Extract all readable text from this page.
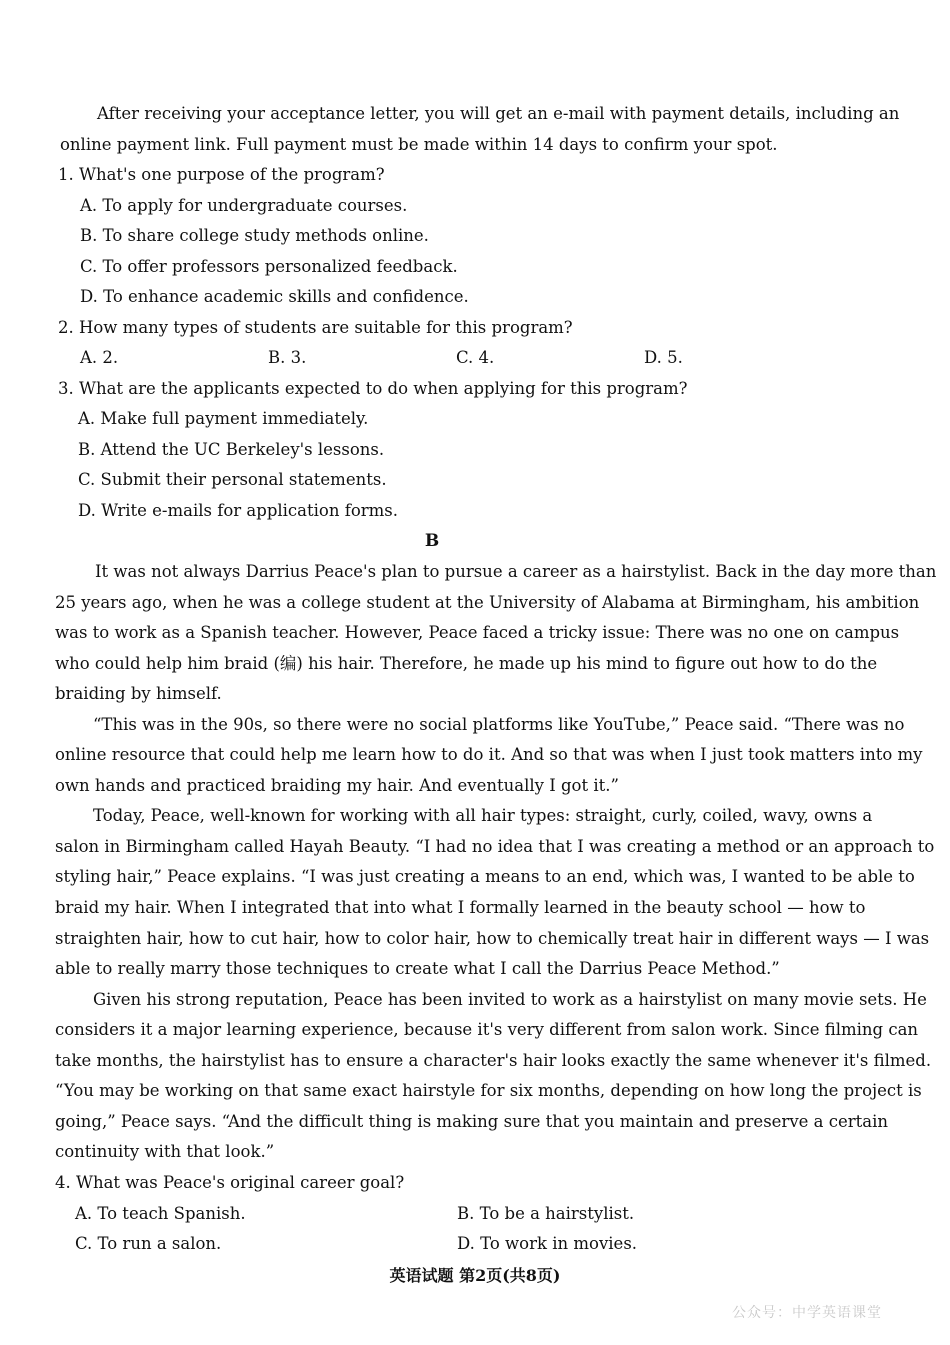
After receiving your acceptance letter, you will get an e-mail with payment details, including an
online payment link. Full payment must be made within 14 days to confirm your spot.
1. What's one purpose of the program?
A. To apply for undergraduate courses.
B. To share college study methods online.
C. To offer professors personalized feedback.
D. To enhance academic skills and confidence.
2. How many types of students are suitable for this program?
A. 2.	B. 3.	C. 4.	D. 5.
3. What are the applicants expected to do when applying for this program?
A. Make full payment immediately.
B. Attend the UC Berkeley's lessons.
C. Submit their personal statements.
D. Write e-mails for application forms.
B
It was not always Darrius Peace's plan to pursue a career as a hairstylist. Back in the day more than
25 years ago, when he was a college student at the University of Alabama at Birmingham, his ambition
was to work as a Spanish teacher. However, Peace faced a tricky issue: There was no one on campus
who could help him braid (编) his hair. Therefore, he made up his mind to figure out how to do the
braiding by himself.
“This was in the 90s, so there were no social platforms like YouTube,” Peace said. “There was no
online resource that could help me learn how to do it. And so that was when I just took matters into my
own hands and practiced braiding my hair. And eventually I got it.”
Today, Peace, well-known for working with all hair types: straight, curly, coiled, wavy, owns a
salon in Birmingham called Hayah Beauty. “I had no idea that I was creating a method or an approach to
styling hair,” Peace explains. “I was just creating a means to an end, which was, I wanted to be able to
braid my hair. When I integrated that into what I formally learned in the beauty school — how to
straighten hair, how to cut hair, how to color hair, how to chemically treat hair in different ways — I was
able to really marry those techniques to create what I call the Darrius Peace Method.”
Given his strong reputation, Peace has been invited to work as a hairstylist on many movie sets. He
considers it a major learning experience, because it's very different from salon work. Since filming can
take months, the hairstylist has to ensure a character's hair looks exactly the same whenever it's filmed.
“You may be working on that same exact hairstyle for six months, depending on how long the project is
going,” Peace says. “And the difficult thing is making sure that you maintain and preserve a certain
continuity with that look.”
4. What was Peace's original career goal?
A. To teach Spanish.	B. To be a hairstylist.
C. To run a salon.	D. To work in movies.
英语试题 第2页(共8页)
公众号：中学英语课堂
